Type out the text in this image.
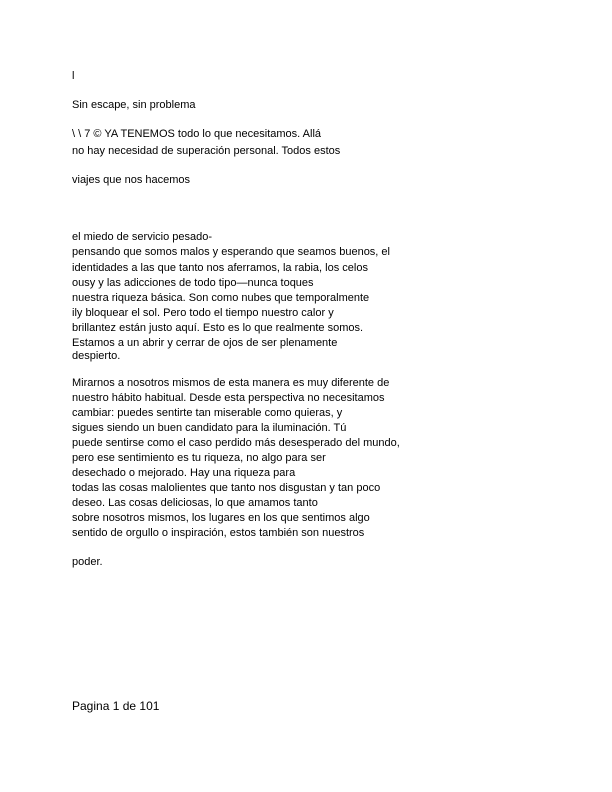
l
Sin escape, sin problema
\ \ 7 © YA TENEMOS todo lo que necesitamos. Allá
no hay necesidad de superación personal. Todos estos
viajes que nos hacemos
el miedo de servicio pesado-
pensando que somos malos y esperando que seamos buenos, el
identidades a las que tanto nos aferramos, la rabia, los celos
ousy y las adicciones de todo tipo—nunca toques
nuestra riqueza básica. Son como nubes que temporalmente
ily bloquear el sol. Pero todo el tiempo nuestro calor y
brillantez están justo aquí. Esto es lo que realmente somos.
Estamos a un abrir y cerrar de ojos de ser plenamente
despierto.
Mirarnos a nosotros mismos de esta manera es muy diferente de
nuestro hábito habitual. Desde esta perspectiva no necesitamos
cambiar: puedes sentirte tan miserable como quieras, y
sigues siendo un buen candidato para la iluminación. Tú
puede sentirse como el caso perdido más desesperado del mundo,
pero ese sentimiento es tu riqueza, no algo para ser
desechado o mejorado. Hay una riqueza para
todas las cosas malolientes que tanto nos disgustan y tan poco
deseo. Las cosas deliciosas, lo que amamos tanto
sobre nosotros mismos, los lugares en los que sentimos algo
sentido de orgullo o inspiración, estos también son nuestros
poder.
Pagina 1 de 101
